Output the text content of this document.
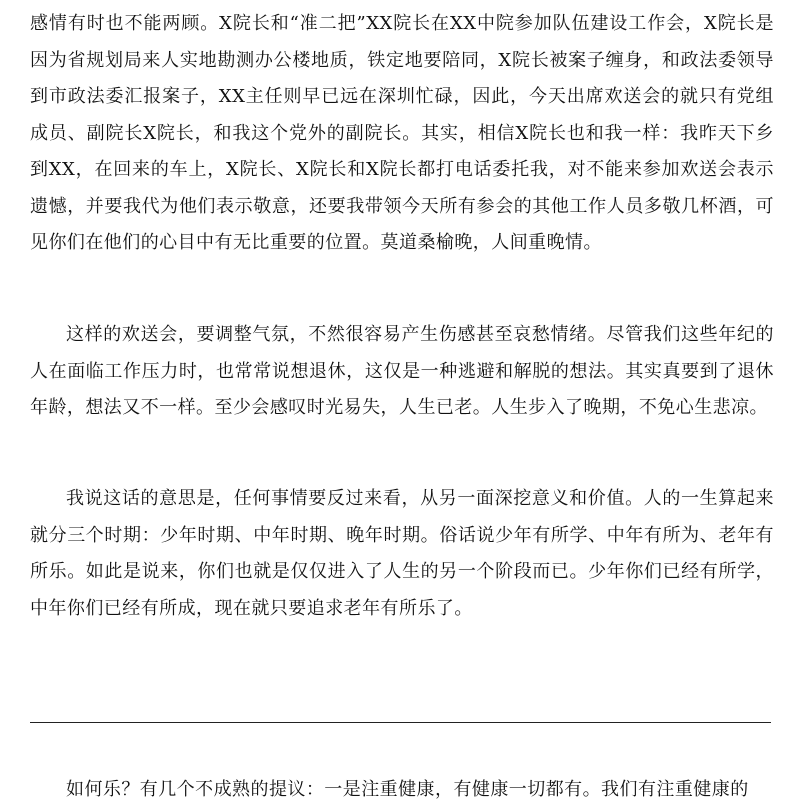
感情有时也不能两顾。X院长和“准二把”XX院长在XX中院参加队伍建设工作会，X院长是因为省规划局来人实地勘测办公楼地质，铁定地要陪同，X院长被案子缠身，和政法委领导到市政法委汇报案子，XX主任则早已远在深圳忙碌，因此，今天出席欢送会的就只有党组成员、副院长X院长，和我这个党外的副院长。其实，相信X院长也和我一样：我昨天下乡到XX，在回来的车上，X院长、X院长和X院长都打电话委托我，对不能来参加欢送会表示遗憾，并要我代为他们表示敬意，还要我带领今天所有参会的其他工作人员多敬几杯酒，可见你们在他们的心目中有无比重要的位置。莫道桑榆晚，人间重晚情。

这样的欢送会，要调整气氛，不然很容易产生伤感甚至哀愁情绪。尽管我们这些年纪的人在面临工作压力时，也常常说想退休，这仅是一种逃避和解脱的想法。其实真要到了退休年龄，想法又不一样。至少会感叹时光易失，人生已老。人生步入了晚期，不免心生悲凉。

我说这话的意思是，任何事情要反过来看，从另一面深挖意义和价值。人的一生算起来就分三个时期：少年时期、中年时期、晚年时期。俗话说少年有所学、中年有所为、老年有所乐。如此是说来，你们也就是仅仅进入了人生的另一个阶段而已。少年你们已经有所学，中年你们已经有所成，现在就只要追求老年有所乐了。

如何乐？有几个不成熟的提议：一是注重健康，有健康一切都有。我们有注重健康的
